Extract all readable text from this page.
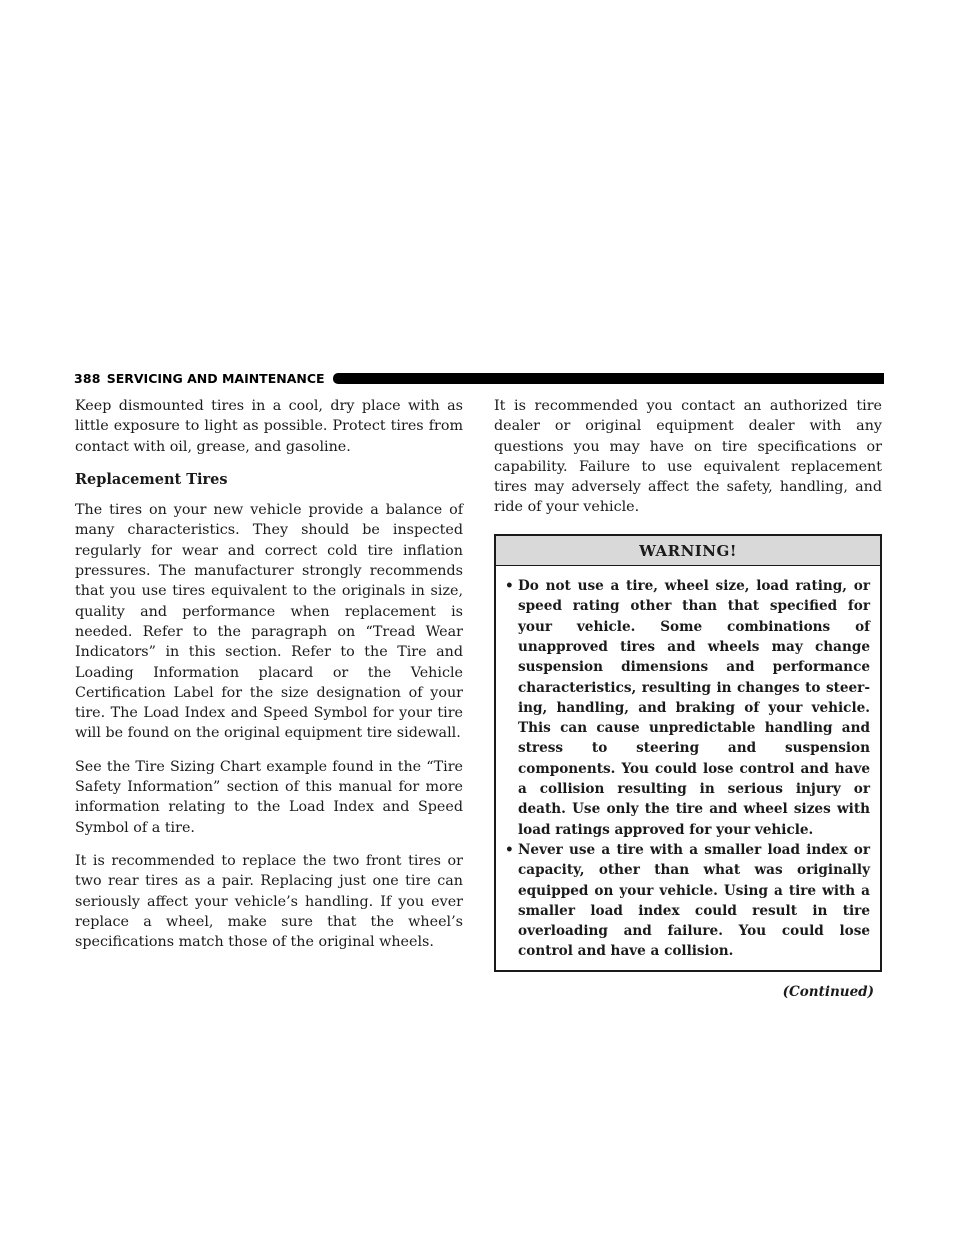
388 SERVICING AND MAINTENANCE

Keep dismounted tires in a cool, dry place with as little exposure to light as possible. Protect tires from contact with oil, grease, and gasoline.

Replacement Tires

The tires on your new vehicle provide a balance of many characteristics. They should be inspected regularly for wear and correct cold tire inflation pressures. The manufacturer strongly recommends that you use tires equivalent to the originals in size, quality and performance when replacement is needed. Refer to the paragraph on “Tread Wear Indicators” in this section. Refer to the Tire and Loading Information placard or the Vehicle Certification Label for the size designation of your tire. The Load Index and Speed Symbol for your tire will be found on the original equipment tire sidewall.

See the Tire Sizing Chart example found in the “Tire Safety Information” section of this manual for more information relating to the Load Index and Speed Symbol of a tire.

It is recommended to replace the two front tires or two rear tires as a pair. Replacing just one tire can seriously affect your vehicle’s handling. If you ever replace a wheel, make sure that the wheel’s specifications match those of the original wheels.

It is recommended you contact an authorized tire dealer or original equipment dealer with any questions you may have on tire specifications or capability. Failure to use equivalent replacement tires may adversely affect the safety, handling, and ride of your vehicle.

WARNING!
• Do not use a tire, wheel size, load rating, or speed rating other than that specified for your vehicle. Some combinations of unapproved tires and wheels may change suspension dimensions and performance characteristics, resulting in changes to steering, handling, and braking of your vehicle. This can cause unpredictable handling and stress to steering and suspension components. You could lose control and have a collision resulting in serious injury or death. Use only the tire and wheel sizes with load ratings approved for your vehicle.
• Never use a tire with a smaller load index or capacity, other than what was originally equipped on your vehicle. Using a tire with a smaller load index could result in tire overloading and failure. You could lose control and have a collision.
(Continued)
